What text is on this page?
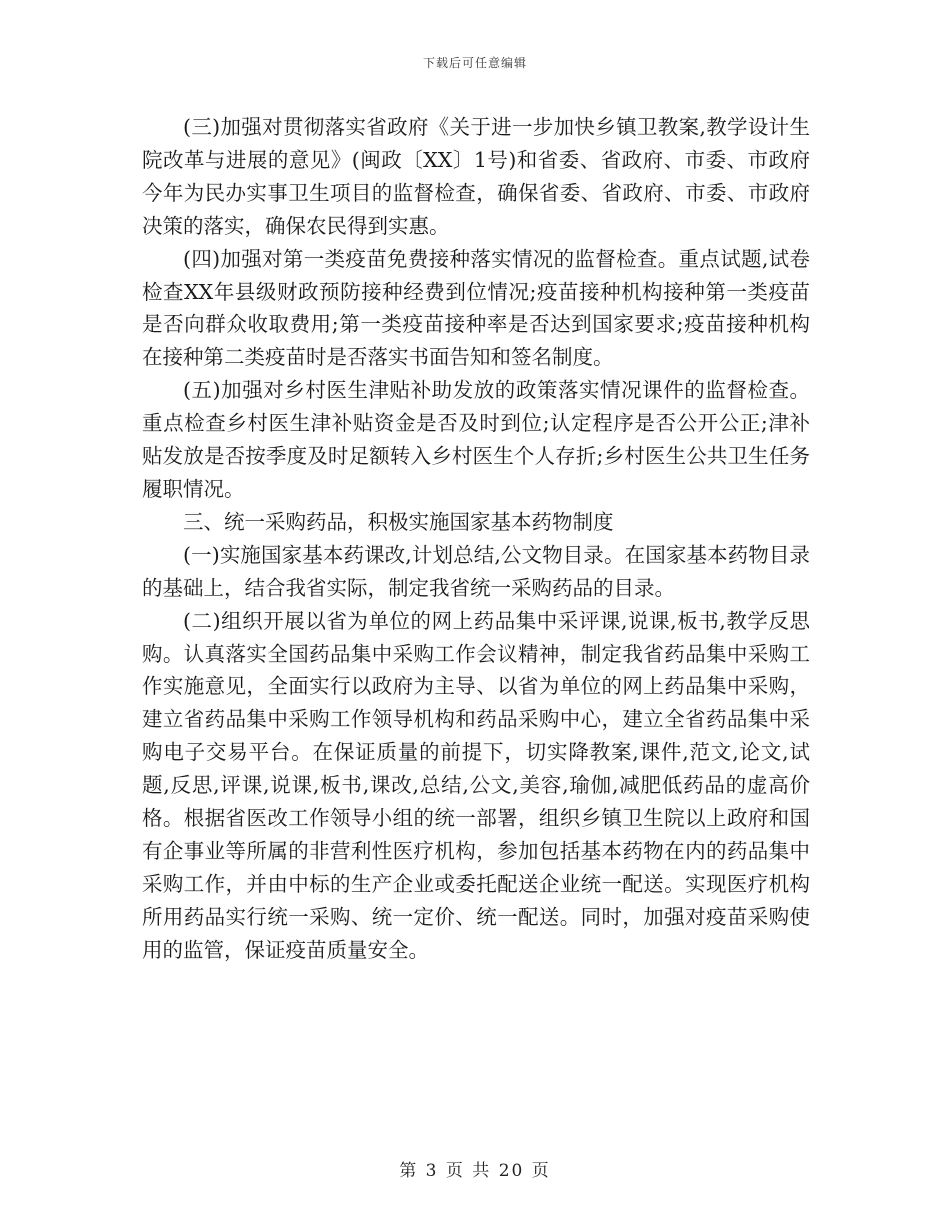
下载后可任意编辑

(三)加强对贯彻落实省政府《关于进一步加快乡镇卫教案,教学设计生院改革与进展的意见》(闽政〔XX〕1号)和省委、省政府、市委、市政府今年为民办实事卫生项目的监督检查，确保省委、省政府、市委、市政府决策的落实，确保农民得到实惠。

(四)加强对第一类疫苗免费接种落实情况的监督检查。重点试题,试卷检查XX年县级财政预防接种经费到位情况;疫苗接种机构接种第一类疫苗是否向群众收取费用;第一类疫苗接种率是否达到国家要求;疫苗接种机构在接种第二类疫苗时是否落实书面告知和签名制度。

(五)加强对乡村医生津贴补助发放的政策落实情况课件的监督检查。重点检查乡村医生津补贴资金是否及时到位;认定程序是否公开公正;津补贴发放是否按季度及时足额转入乡村医生个人存折;乡村医生公共卫生任务履职情况。

三、统一采购药品，积极实施国家基本药物制度

(一)实施国家基本药课改,计划总结,公文物目录。在国家基本药物目录的基础上，结合我省实际，制定我省统一采购药品的目录。

(二)组织开展以省为单位的网上药品集中采评课,说课,板书,教学反思购。认真落实全国药品集中采购工作会议精神，制定我省药品集中采购工作实施意见，全面实行以政府为主导、以省为单位的网上药品集中采购，建立省药品集中采购工作领导机构和药品采购中心，建立全省药品集中采购电子交易平台。在保证质量的前提下，切实降教案,课件,范文,论文,试题,反思,评课,说课,板书,课改,总结,公文,美容,瑜伽,减肥低药品的虚高价格。根据省医改工作领导小组的统一部署，组织乡镇卫生院以上政府和国有企事业等所属的非营利性医疗机构，参加包括基本药物在内的药品集中采购工作，并由中标的生产企业或委托配送企业统一配送。实现医疗机构所用药品实行统一采购、统一定价、统一配送。同时，加强对疫苗采购使用的监管，保证疫苗质量安全。

第 3 页 共 20 页
